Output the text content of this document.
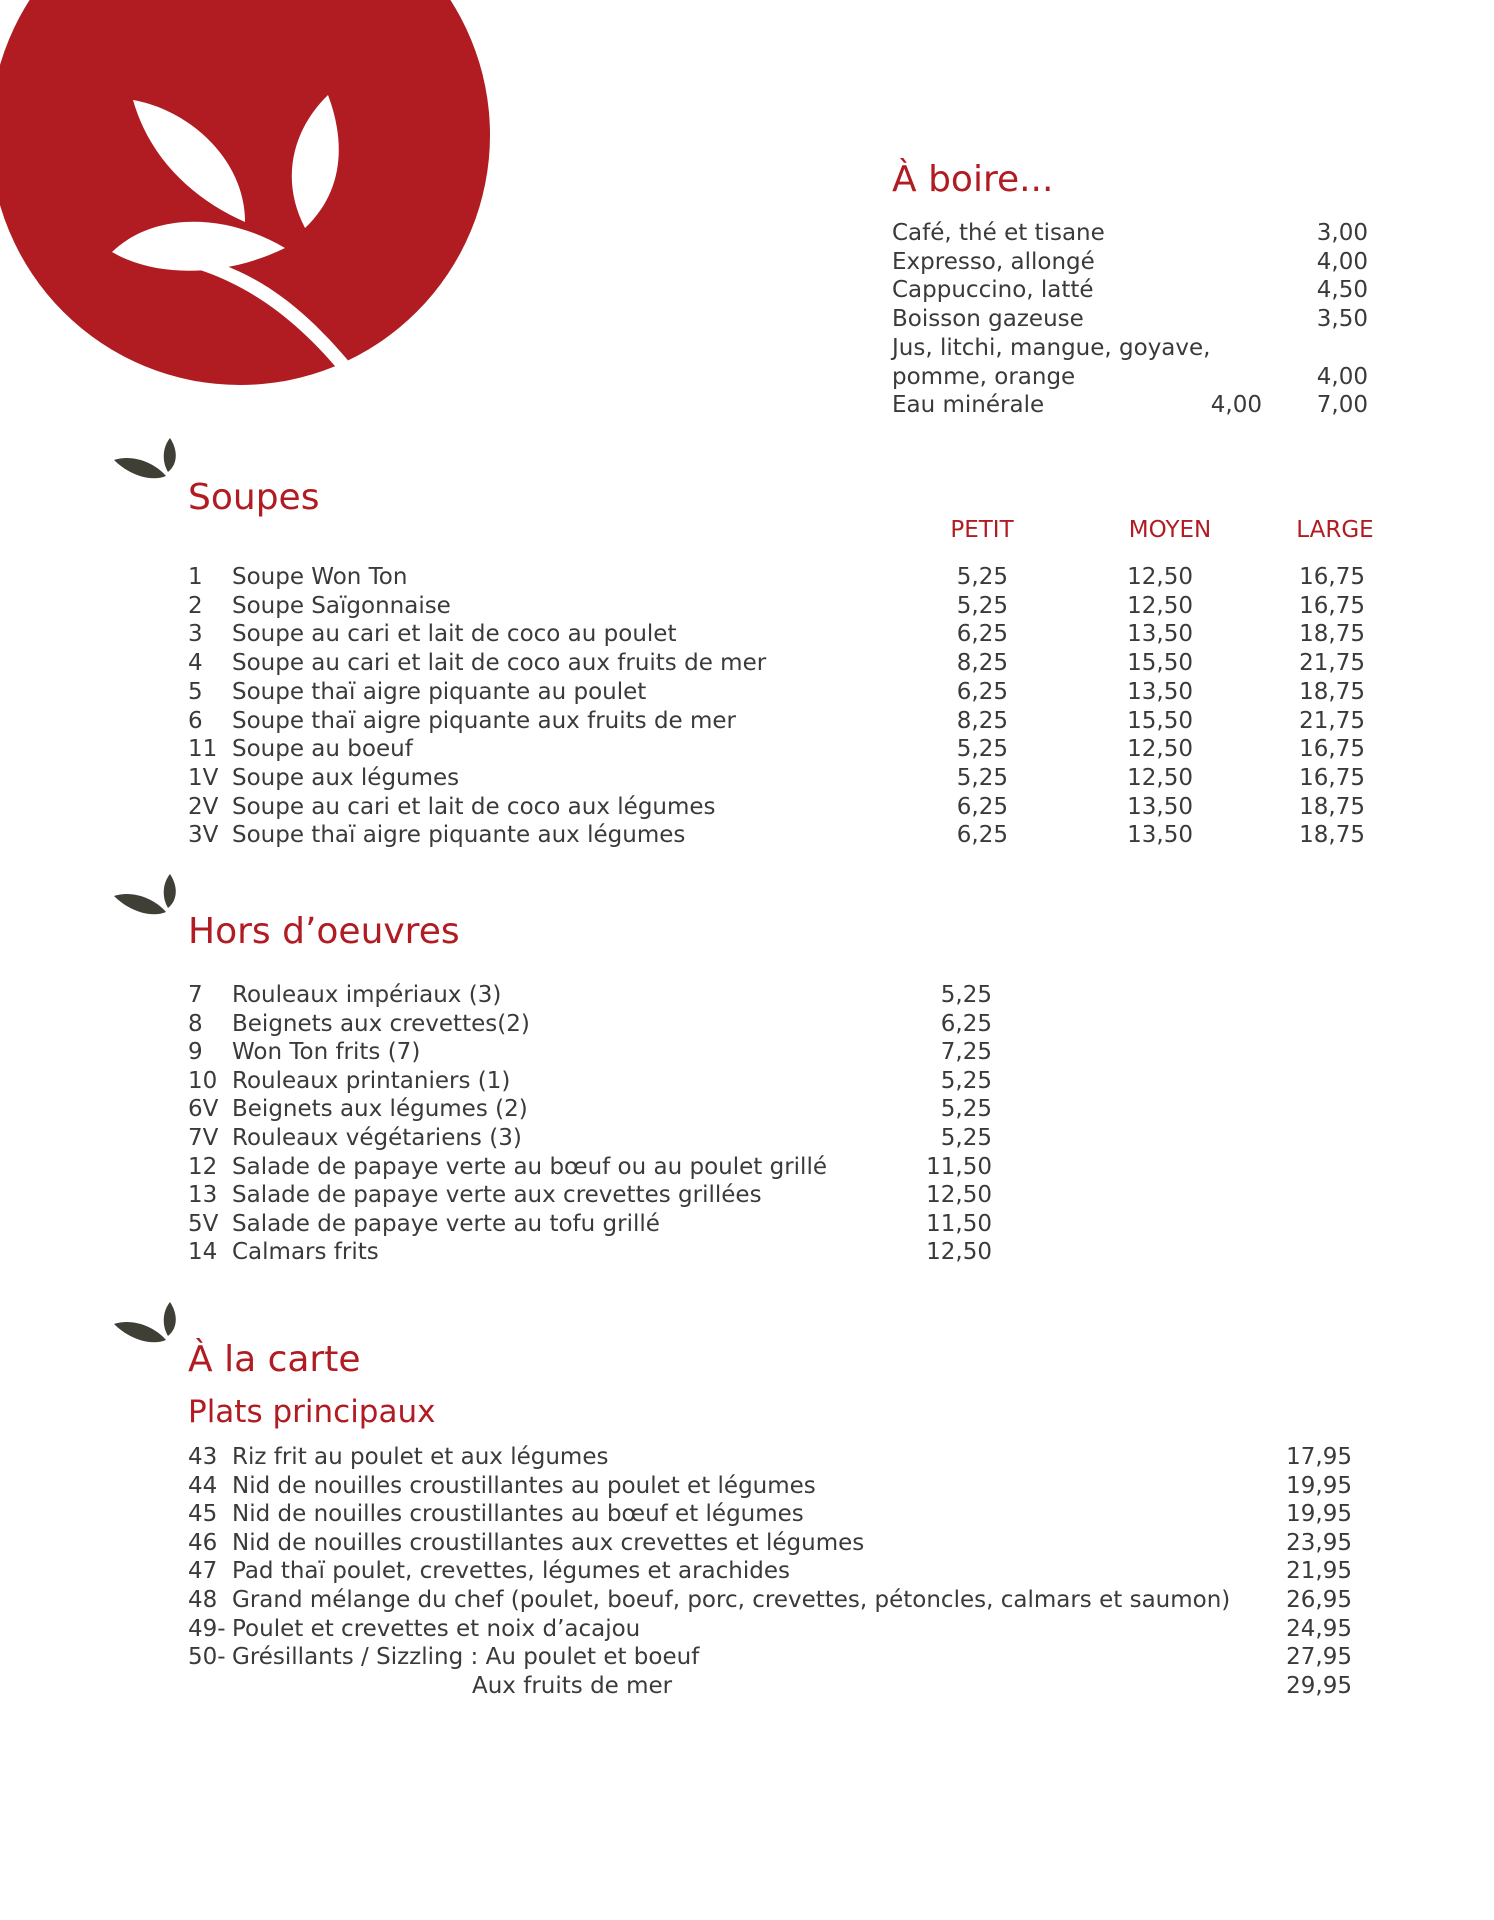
À boire...
Café, thé et tisane	3,00
Expresso, allongé	4,00
Cappuccino, latté	4,50
Boisson gazeuse	3,50
Jus, litchi, mangue, goyave,
pomme, orange	4,00
Eau minérale	4,00	7,00
Soupes
PETIT	MOYEN	LARGE
1 Soupe Won Ton	5,25	12,50	16,75
2 Soupe Saïgonnaise	5,25	12,50	16,75
3 Soupe au cari et lait de coco au poulet	6,25	13,50	18,75
4 Soupe au cari et lait de coco aux fruits de mer	8,25	15,50	21,75
5 Soupe thaï aigre piquante au poulet	6,25	13,50	18,75
6 Soupe thaï aigre piquante aux fruits de mer	8,25	15,50	21,75
11 Soupe au boeuf	5,25	12,50	16,75
1V Soupe aux légumes	5,25	12,50	16,75
2V Soupe au cari et lait de coco aux légumes	6,25	13,50	18,75
3V Soupe thaï aigre piquante aux légumes	6,25	13,50	18,75
Hors d’oeuvres
7 Rouleaux impériaux (3)	5,25
8 Beignets aux crevettes(2)	6,25
9 Won Ton frits (7)	7,25
10 Rouleaux printaniers (1)	5,25
6V Beignets aux légumes (2)	5,25
7V Rouleaux végétariens (3)	5,25
12 Salade de papaye verte au bœuf ou au poulet grillé	11,50
13 Salade de papaye verte aux crevettes grillées	12,50
5V Salade de papaye verte au tofu grillé	11,50
14 Calmars frits	12,50
À la carte
Plats principaux
43 Riz frit au poulet et aux légumes	17,95
44 Nid de nouilles croustillantes au poulet et légumes	19,95
45 Nid de nouilles croustillantes au bœuf et légumes	19,95
46 Nid de nouilles croustillantes aux crevettes et légumes	23,95
47 Pad thaï poulet, crevettes, légumes et arachides	21,95
48 Grand mélange du chef (poulet, boeuf, porc, crevettes, pétoncles, calmars et saumon)	26,95
49- Poulet et crevettes et noix d’acajou	24,95
50- Grésillants / Sizzling : Au poulet et boeuf	27,95
Aux fruits de mer	29,95
